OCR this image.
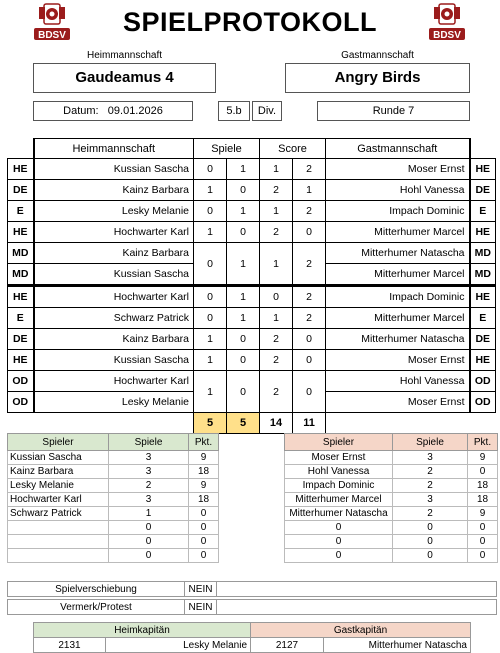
BDSV	BDSV
SPIELPROTOKOLL
Heimmannschaft
Gaudeamus 4
Gastmannschaft
Angry Birds
Datum: 09.01.2026	5.b	Div.	Runde 7
	Heimmannschaft	Spiele		Score		Gastmannschaft	
HE	Kussian Sascha	0	1	1	2	Moser Ernst	HE
DE	Kainz Barbara	1	0	2	1	Hohl Vanessa	DE
E	Lesky Melanie	0	1	1	2	Impach Dominic	E
HE	Hochwarter Karl	1	0	2	0	Mitterhumer Marcel	HE
MD	Kainz Barbara	0	1	1	2	Mitterhumer Natascha	MD
MD	Kussian Sascha					Mitterhumer Marcel	MD
HE	Hochwarter Karl	0	1	0	2	Impach Dominic	HE
E	Schwarz Patrick	0	1	1	2	Mitterhumer Marcel	E
DE	Kainz Barbara	1	0	2	0	Mitterhumer Natascha	DE
HE	Kussian Sascha	1	0	2	0	Moser Ernst	HE
OD	Hochwarter Karl	1	0	2	0	Hohl Vanessa	OD
OD	Lesky Melanie					Moser Ernst	OD
		5	5	14	11		
Spieler	Spiele	Pkt.
Kussian Sascha	3	9
Kainz Barbara	3	18
Lesky Melanie	2	9
Hochwarter Karl	3	18
Schwarz Patrick	1	0
	0	0
	0	0
	0	0
Spieler	Spiele	Pkt.
Moser Ernst	3	9
Hohl Vanessa	2	0
Impach Dominic	2	18
Mitterhumer Marcel	3	18
Mitterhumer Natascha	2	9
0	0	0
0	0	0
0	0	0
Spielverschiebung	NEIN	
Vermerk/Protest	NEIN	
Heimkapitän		Gastkapitän	
2131	Lesky Melanie	2127	Mitterhumer Natascha
